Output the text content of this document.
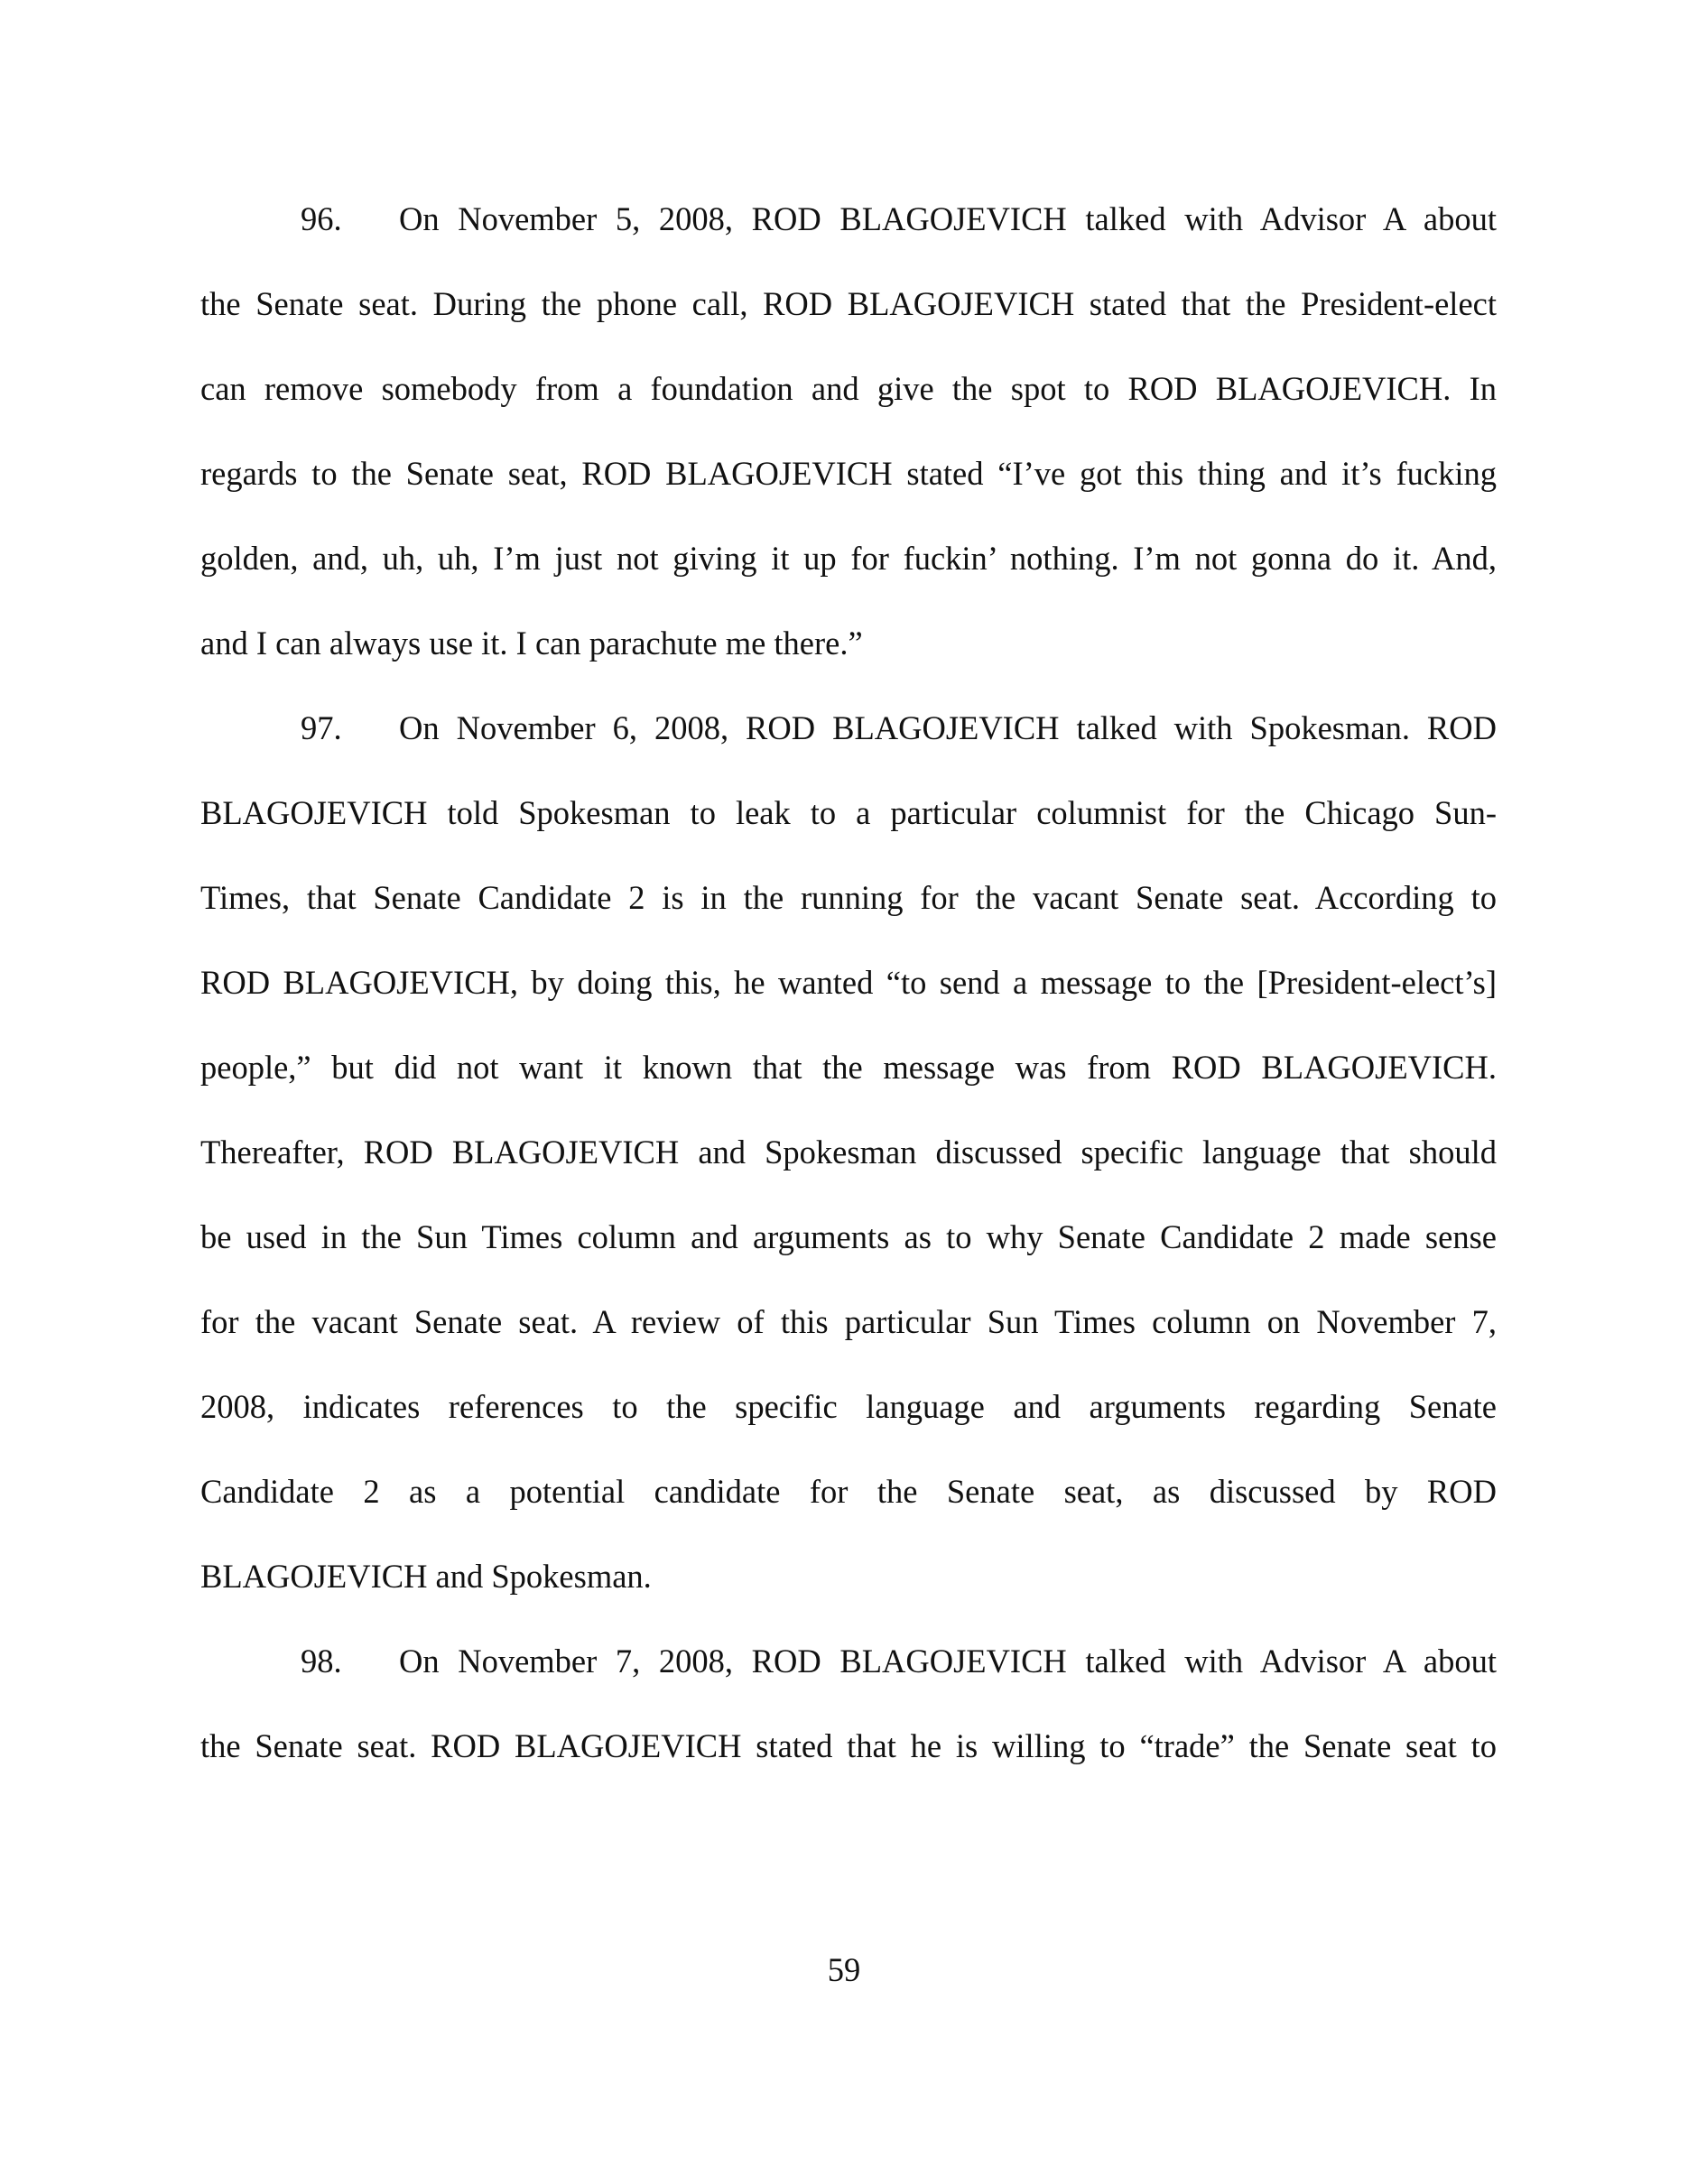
96. On November 5, 2008, ROD BLAGOJEVICH talked with Advisor A about
the Senate seat. During the phone call, ROD BLAGOJEVICH stated that the President-elect
can remove somebody from a foundation and give the spot to ROD BLAGOJEVICH. In
regards to the Senate seat, ROD BLAGOJEVICH stated “I’ve got this thing and it’s fucking
golden, and, uh, uh, I’m just not giving it up for fuckin’ nothing. I’m not gonna do it. And,
and I can always use it. I can parachute me there.”
97. On November 6, 2008, ROD BLAGOJEVICH talked with Spokesman. ROD
BLAGOJEVICH told Spokesman to leak to a particular columnist for the Chicago Sun-
Times, that Senate Candidate 2 is in the running for the vacant Senate seat. According to
ROD BLAGOJEVICH, by doing this, he wanted “to send a message to the [President-elect’s]
people,” but did not want it known that the message was from ROD BLAGOJEVICH.
Thereafter, ROD BLAGOJEVICH and Spokesman discussed specific language that should
be used in the Sun Times column and arguments as to why Senate Candidate 2 made sense
for the vacant Senate seat. A review of this particular Sun Times column on November 7,
2008, indicates references to the specific language and arguments regarding Senate
Candidate 2 as a potential candidate for the Senate seat, as discussed by ROD
BLAGOJEVICH and Spokesman.
98. On November 7, 2008, ROD BLAGOJEVICH talked with Advisor A about
the Senate seat. ROD BLAGOJEVICH stated that he is willing to “trade” the Senate seat to
59
